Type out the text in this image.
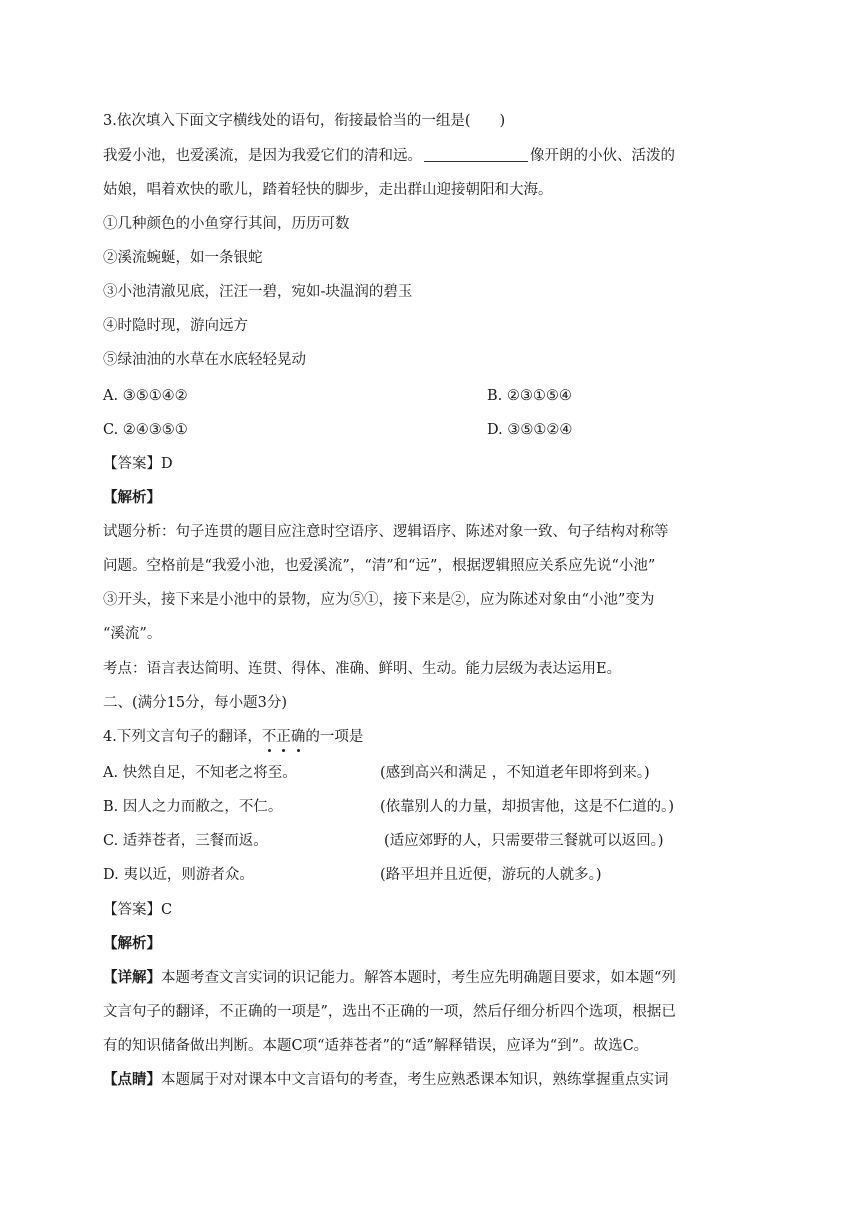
3.依次填入下面文字横线处的语句，衔接最恰当的一组是(　　)
我爱小池，也爱溪流，是因为我爱它们的清和远。	像开朗的小伙、活泼的
姑娘，唱着欢快的歌儿，踏着轻快的脚步，走出群山迎接朝阳和大海。
①几种颜色的小鱼穿行其间，历历可数
②溪流蜿蜒，如一条银蛇
③小池清澈见底，汪汪一碧，宛如-块温润的碧玉
④时隐时现，游向远方
⑤绿油油的水草在水底轻轻晃动
A. ③⑤①④②	B. ②③①⑤④
C. ②④③⑤①	D. ③⑤①②④
【答案】D
【解析】
试题分析：句子连贯的题目应注意时空语序、逻辑语序、陈述对象一致、句子结构对称等
问题。空格前是“我爱小池，也爱溪流”，“清”和“远”，根据逻辑照应关系应先说“小池”
③开头，接下来是小池中的景物，应为⑤①，接下来是②，应为陈述对象由“小池”变为
“溪流”。
考点：语言表达简明、连贯、得体、准确、鲜明、生动。能力层级为表达运用E。
二、(满分15分，每小题3分)
4.下列文言句子的翻译，不正确的一项是
A. 快然自足，不知老之将至。	(感到高兴和满足 ，不知道老年即将到来。)
B. 因人之力而敝之，不仁。	(依靠别人的力量，却损害他，这是不仁道的。)
C. 适莽苍者，三餐而返。	(适应郊野的人，只需要带三餐就可以返回。)
D. 夷以近，则游者众。	(路平坦并且近便，游玩的人就多。)
【答案】C
【解析】
【详解】本题考查文言实词的识记能力。解答本题时，考生应先明确题目要求，如本题“列
文言句子的翻译，不正确的一项是”，选出不正确的一项，然后仔细分析四个选项，根据已
有的知识储备做出判断。本题C项“适莽苍者”的“适”解释错误，应译为“到”。故选C。
【点睛】本题属于对对课本中文言语句的考查，考生应熟悉课本知识，熟练掌握重点实词
